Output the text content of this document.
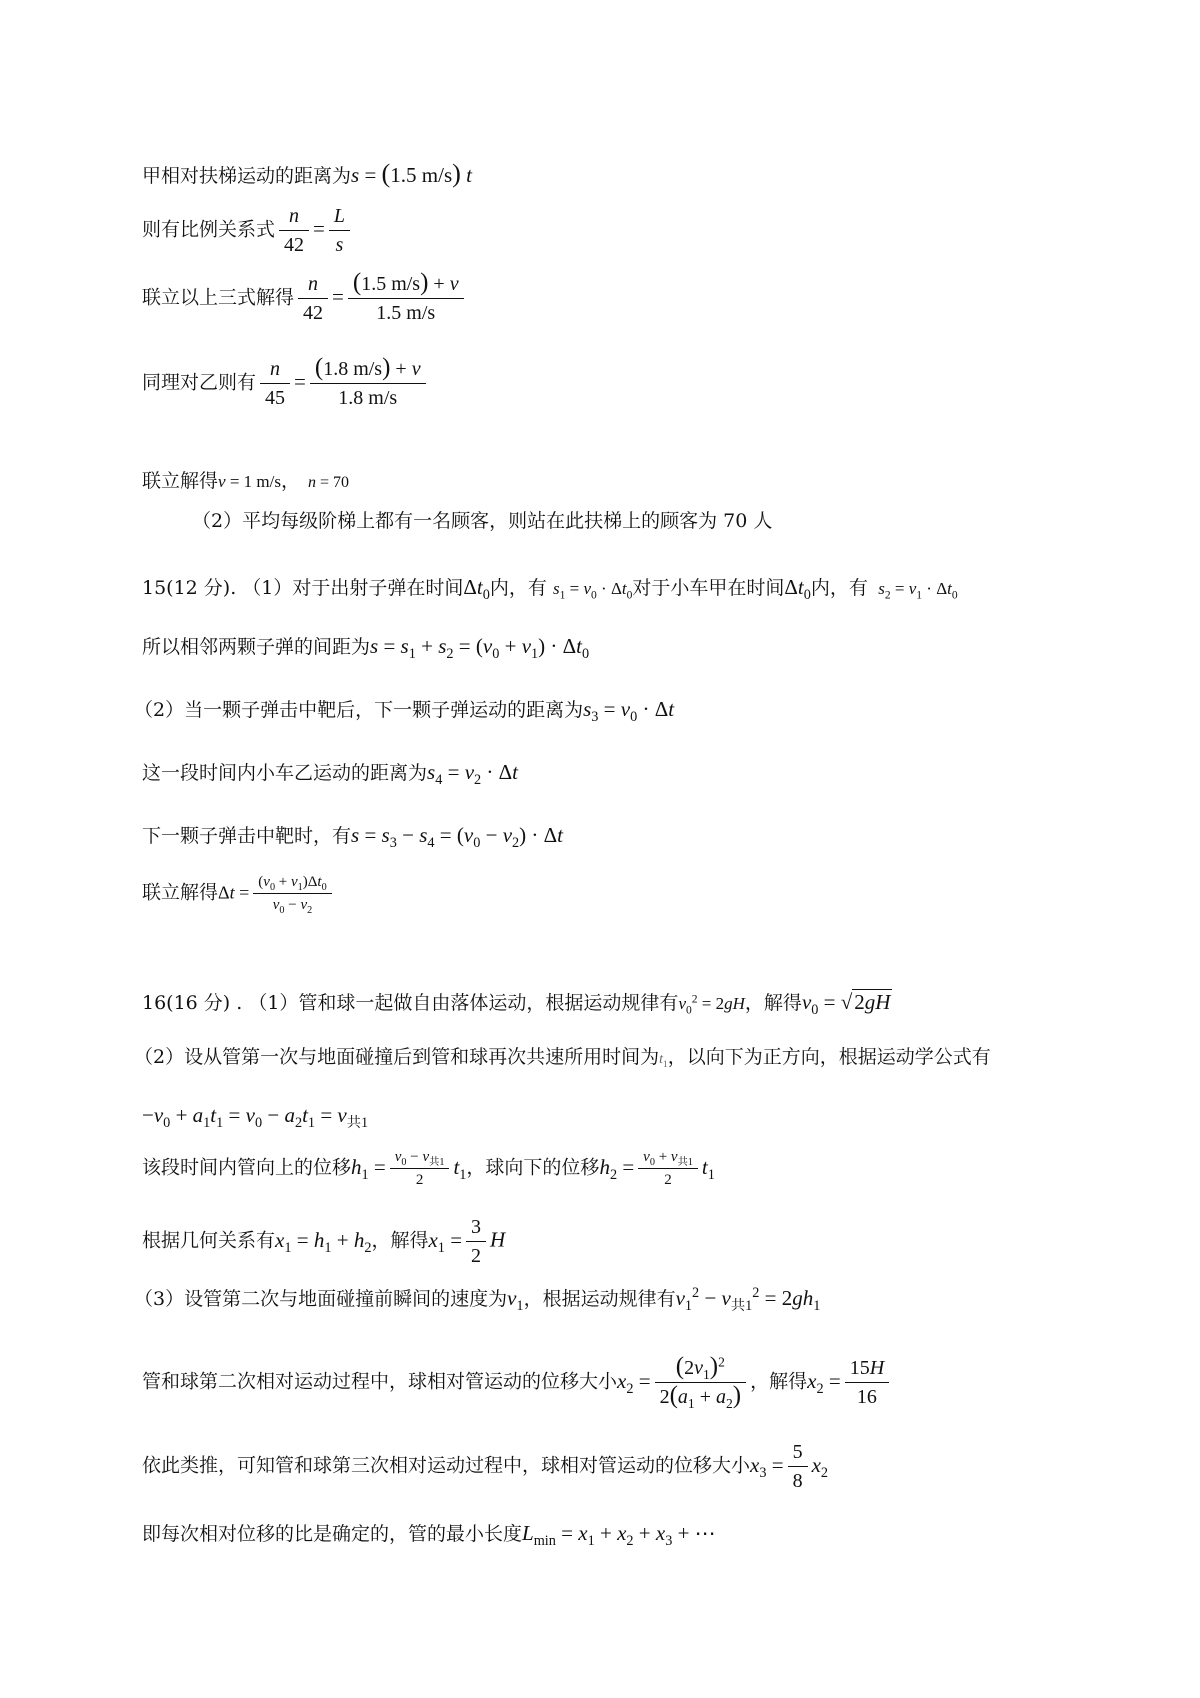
甲相对扶梯运动的距离为s = (1.5 m/s) t
则有比例关系式 $\frac{n}{42} = \frac{L}{s}$
联立以上三式解得 $\frac{n}{42} = \frac{(1.5 m/s) + v}{1.5 m/s}$
同理对乙则有 $\frac{n}{45} = \frac{(1.8 m/s) + v}{1.8 m/s}$
联立解得v = 1 m/s， n = 70
（2）平均每级阶梯上都有一名顾客，则站在此扶梯上的顾客为 70 人
15(12 分). （1）对于出射子弹在时间$\Delta t_0$内，有 $s_1 = v_0 \cdot \Delta t_0$对于小车甲在时间$\Delta t_0$内，有 $s_2 = v_1 \cdot \Delta t_0$
所以相邻两颗子弹的间距为$s = s_1 + s_2 = (v_0 + v_1) \cdot \Delta t_0$
（2）当一颗子弹击中靶后，下一颗子弹运动的距离为$s_3 = v_0 \cdot \Delta t$
这一段时间内小车乙运动的距离为$s_4 = v_2 \cdot \Delta t$
下一颗子弹击中靶时，有$s = s_3 - s_4 = (v_0 - v_2) \cdot \Delta t$
联立解得$\Delta t = \frac{(v_0 + v_1)\Delta t_0}{v_0 - v_2}$
16(16 分) . （1）管和球一起做自由落体运动，根据运动规律有$v_0^2 = 2gH$，解得$v_0 = √2gH$
（2）设从管第一次与地面碰撞后到管和球再次共速所用时间为$t_1$，以向下为正方向，根据运动学公式有
$-v_0 + a_1t_1 = v_0 - a_2t_1 = v_{共1}$
该段时间内管向上的位移$h_1 = \frac{v_0 - v_{共1}}{2} t_1$，球向下的位移$h_2 = \frac{v_0 + v_{共1}}{2} t_1$
根据几何关系有$x_1 = h_1 + h_2$，解得$x_1 = \frac{3}{2}$ H
（3）设管第二次与地面碰撞前瞬间的速度为$v_1$，根据运动规律有$v_1^2 - v_{共1}^2 = 2gh_1$
管和球第二次相对运动过程中，球相对管运动的位移大小$x_2 = \frac{(2v_1)^2}{2(a_1 + a_2)}$ ，解得$x_2 = \frac{15H}{16}$
依此类推，可知管和球第三次相对运动过程中，球相对管运动的位移大小$x_3 = \frac{5}{8} x_2$
即每次相对位移的比是确定的，管的最小长度$L_{min} = x_1 + x_2 + x_3$ + ⋯
